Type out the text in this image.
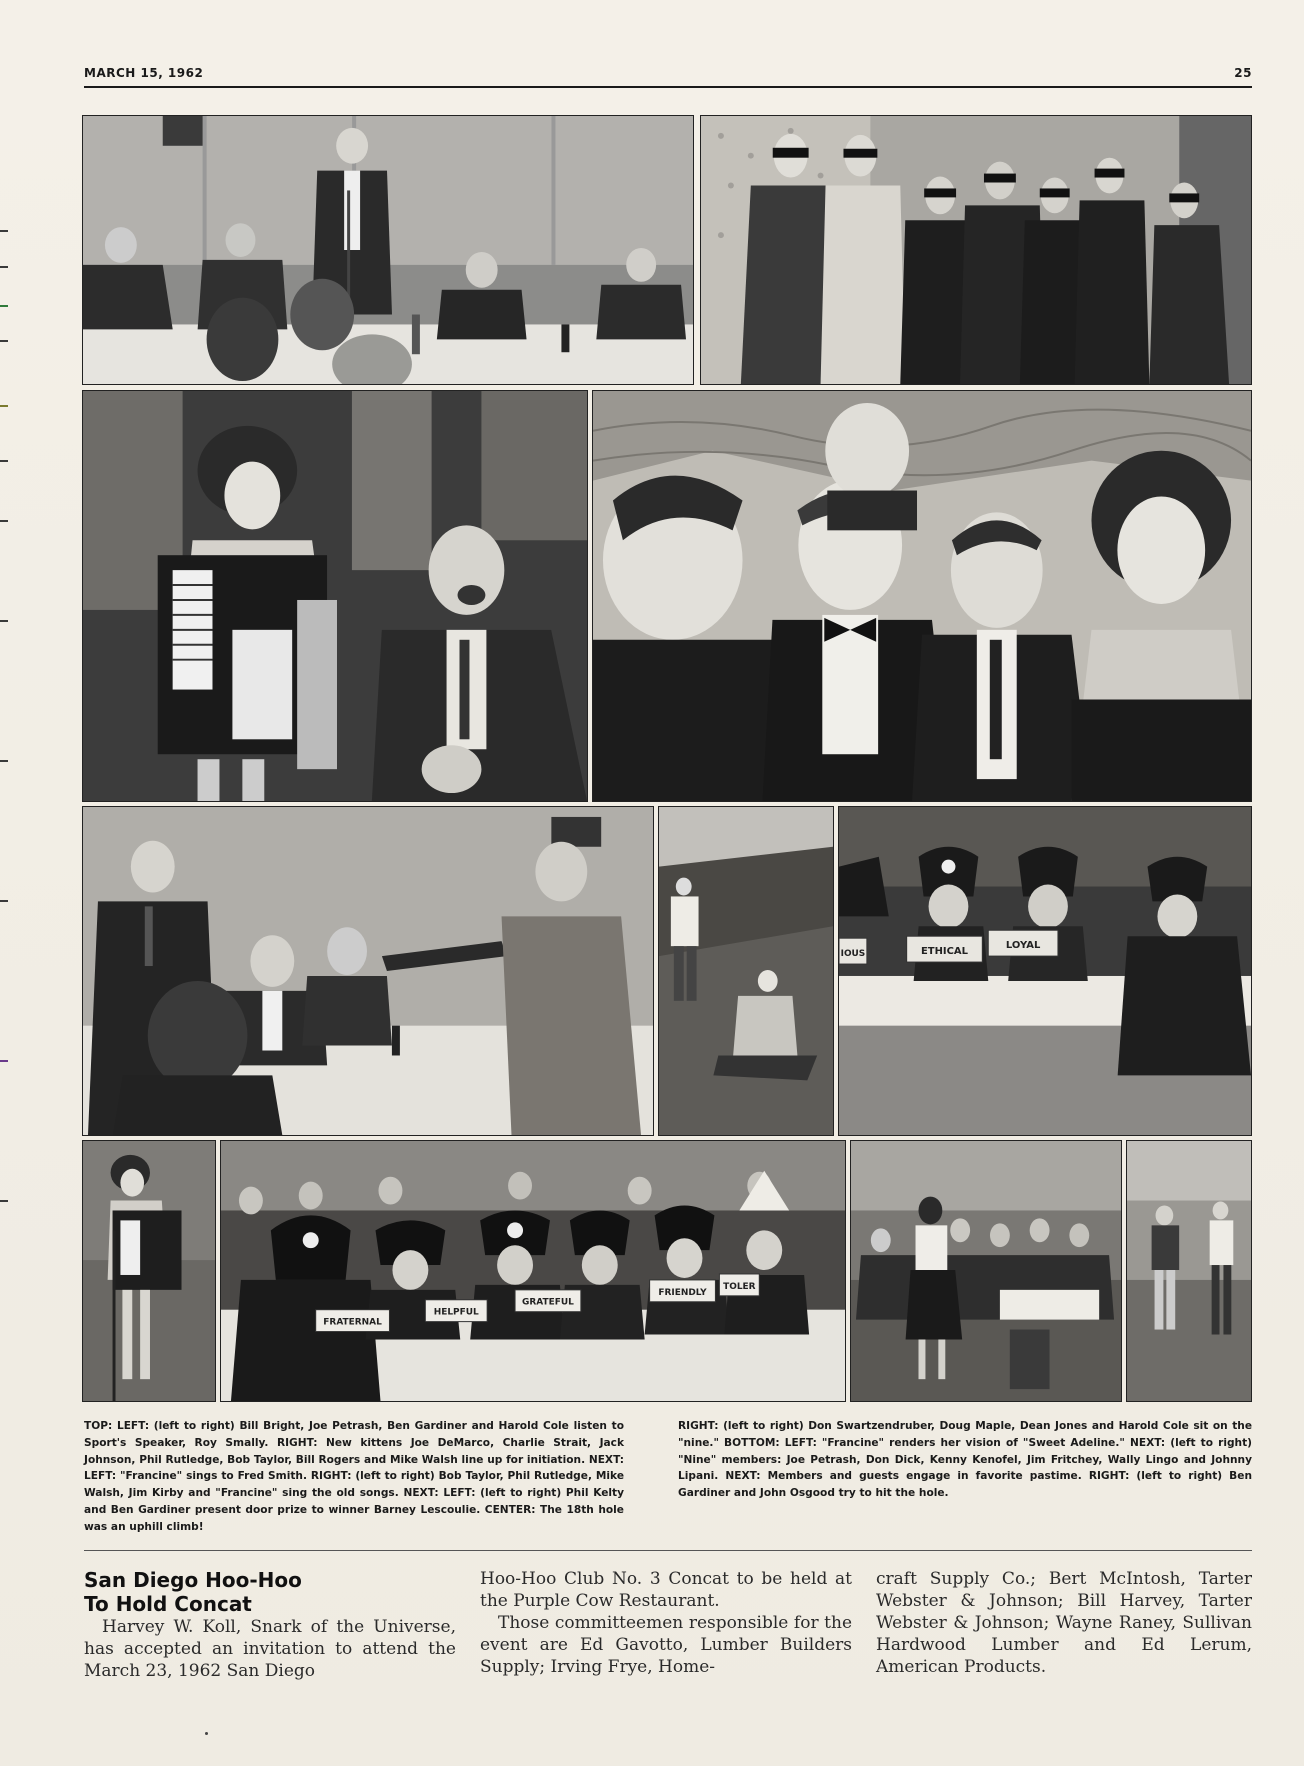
MARCH 15, 1962	25
IOUS	ETHICAL
LOYAL
FRATERNAL
HELPFUL
GRATEFUL
FRIENDLY
TOLER

TOP: LEFT: (left to right) Bill Bright, Joe Petrash, Ben Gardiner and Harold Cole listen to Sport's Speaker, Roy Smally. RIGHT: New kittens Joe DeMarco, Charlie Strait, Jack Johnson, Phil Rutledge, Bob Taylor, Bill Rogers and Mike Walsh line up for initiation. NEXT: LEFT: "Francine" sings to Fred Smith. RIGHT: (left to right) Bob Taylor, Phil Rutledge, Mike Walsh, Jim Kirby and "Francine" sing the old songs. NEXT: LEFT: (left to right) Phil Kelty and Ben Gardiner present door prize to winner Barney Lescoulie. CENTER: The 18th hole was an uphill climb!

RIGHT: (left to right) Don Swartzendruber, Doug Maple, Dean Jones and Harold Cole sit on the "nine." BOTTOM: LEFT: "Francine" renders her vision of "Sweet Adeline." NEXT: (left to right) "Nine" members: Joe Petrash, Don Dick, Kenny Kenofel, Jim Fritchey, Wally Lingo and Johnny Lipani. NEXT: Members and guests engage in favorite pastime. RIGHT: (left to right) Ben Gardiner and John Osgood try to hit the hole.

San Diego Hoo-Hoo
To Hold Concat

Harvey W. Koll, Snark of the Universe, has accepted an invitation to attend the March 23, 1962 San Diego

Hoo-Hoo Club No. 3 Concat to be held at the Purple Cow Restaurant.

Those committeemen responsible for the event are Ed Gavotto, Lumber Builders Supply; Irving Frye, Home-

craft Supply Co.; Bert McIntosh, Tarter Webster & Johnson; Bill Harvey, Tarter Webster & Johnson; Wayne Raney, Sullivan Hardwood Lumber and Ed Lerum, American Products.
